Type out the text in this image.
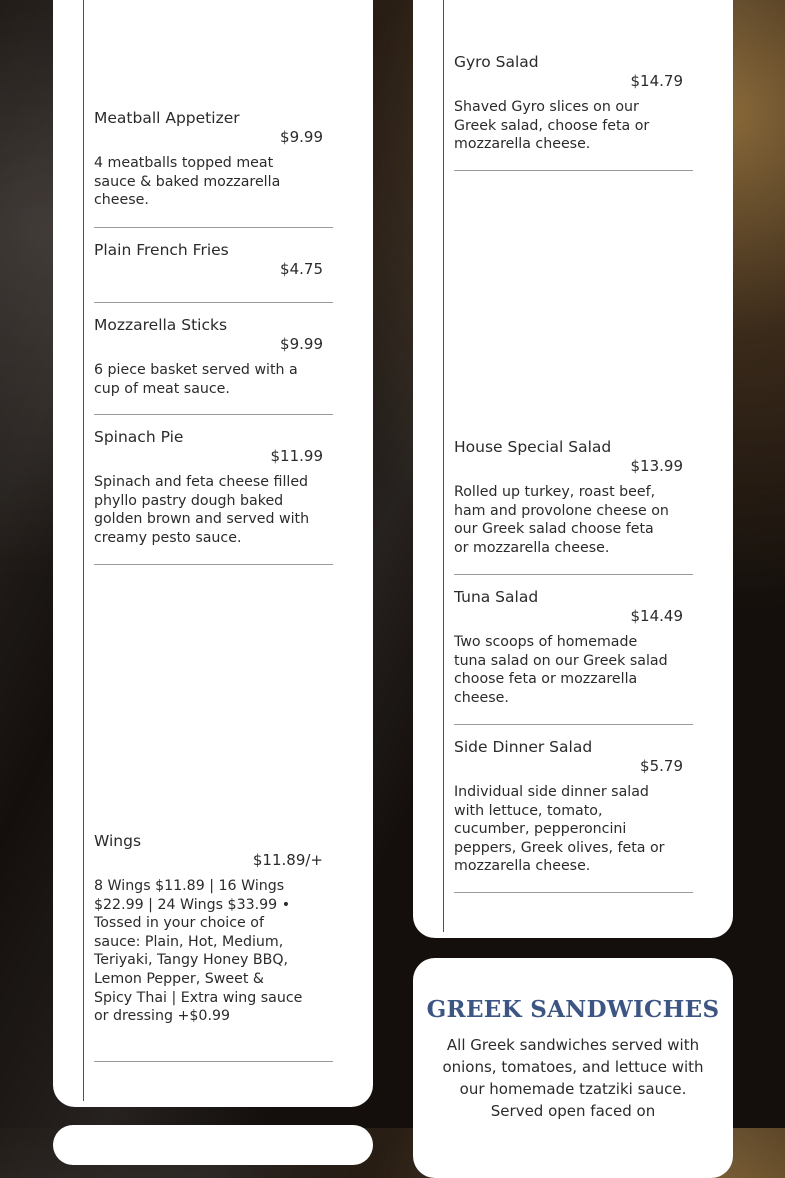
Meatball Appetizer
$9.99
4 meatballs topped meat sauce & baked mozzarella cheese.
Plain French Fries
$4.75
Mozzarella Sticks
$9.99
6 piece basket served with a cup of meat sauce.
Spinach Pie
$11.99
Spinach and feta cheese filled phyllo pastry dough baked golden brown and served with creamy pesto sauce.
Wings
$11.89/+
8 Wings $11.89 | 16 Wings $22.99 | 24 Wings $33.99 • Tossed in your choice of sauce: Plain, Hot, Medium, Teriyaki, Tangy Honey BBQ, Lemon Pepper, Sweet & Spicy Thai | Extra wing sauce or dressing +$0.99
Gyro Salad
$14.79
Shaved Gyro slices on our Greek salad, choose feta or mozzarella cheese.
House Special Salad
$13.99
Rolled up turkey, roast beef, ham and provolone cheese on our Greek salad choose feta or mozzarella cheese.
Tuna Salad
$14.49
Two scoops of homemade tuna salad on our Greek salad choose feta or mozzarella cheese.
Side Dinner Salad
$5.79
Individual side dinner salad with lettuce, tomato, cucumber, pepperoncini peppers, Greek olives, feta or mozzarella cheese.
GREEK SANDWICHES
All Greek sandwiches served with onions, tomatoes, and lettuce with our homemade tzatziki sauce. Served open faced on
